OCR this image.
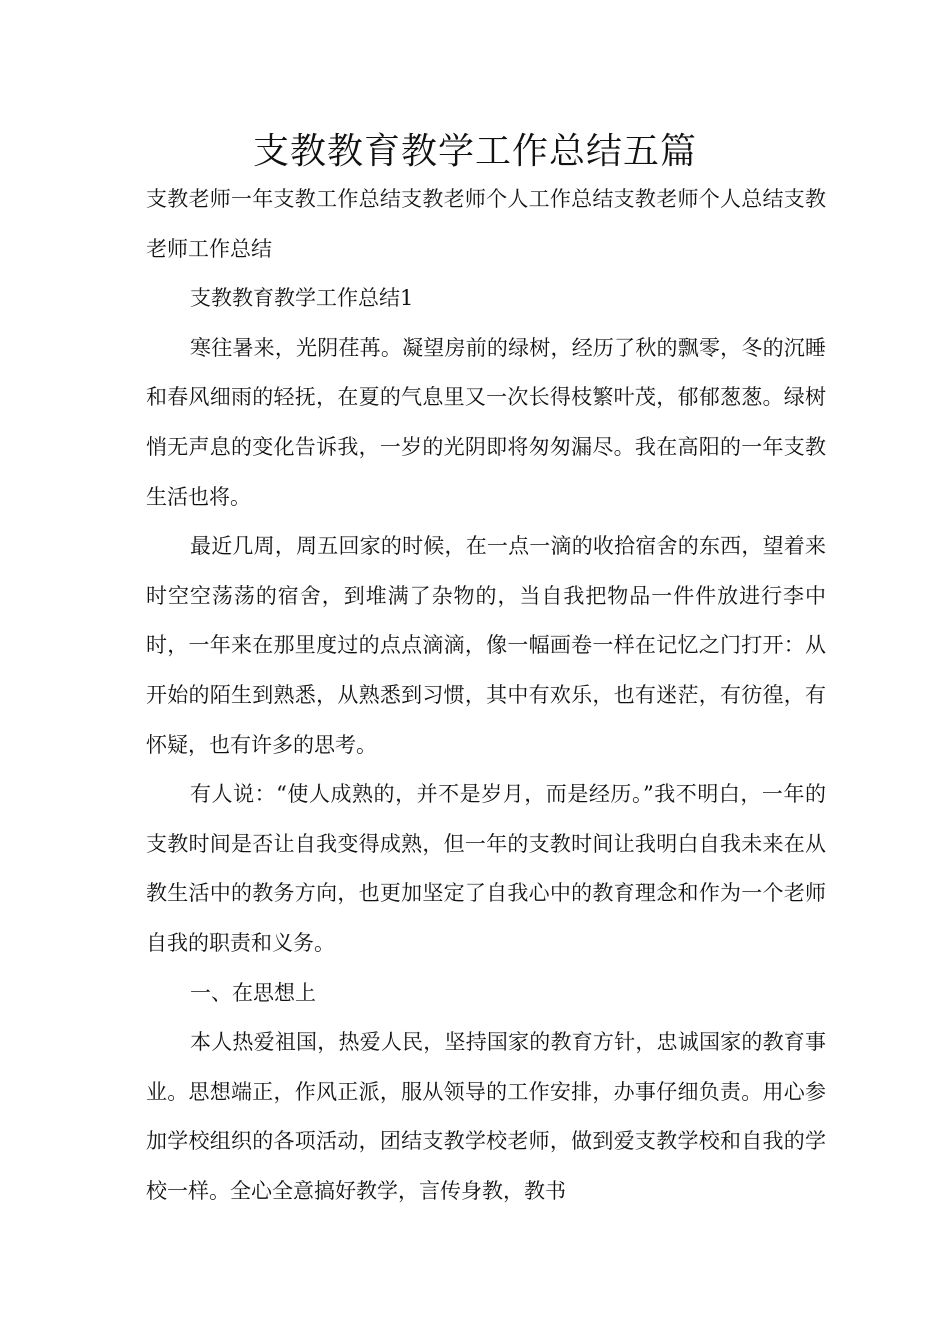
支教教育教学工作总结五篇

支教老师一年支教工作总结支教老师个人工作总结支教老师个人总结支教老师工作总结

支教教育教学工作总结1

寒往暑来，光阴荏苒。凝望房前的绿树，经历了秋的飘零，冬的沉睡和春风细雨的轻抚，在夏的气息里又一次长得枝繁叶茂，郁郁葱葱。绿树悄无声息的变化告诉我，一岁的光阴即将匆匆漏尽。我在高阳的一年支教生活也将。

最近几周，周五回家的时候，在一点一滴的收拾宿舍的东西，望着来时空空荡荡的宿舍，到堆满了杂物的，当自我把物品一件件放进行李中时，一年来在那里度过的点点滴滴，像一幅画卷一样在记忆之门打开：从开始的陌生到熟悉，从熟悉到习惯，其中有欢乐，也有迷茫，有彷徨，有怀疑，也有许多的思考。

有人说：“使人成熟的，并不是岁月，而是经历。”我不明白，一年的支教时间是否让自我变得成熟，但一年的支教时间让我明白自我未来在从教生活中的教务方向，也更加坚定了自我心中的教育理念和作为一个老师自我的职责和义务。

一、在思想上

本人热爱祖国，热爱人民，坚持国家的教育方针，忠诚国家的教育事业。思想端正，作风正派，服从领导的工作安排，办事仔细负责。用心参加学校组织的各项活动，团结支教学校老师，做到爱支教学校和自我的学校一样。全心全意搞好教学，言传身教，教书
